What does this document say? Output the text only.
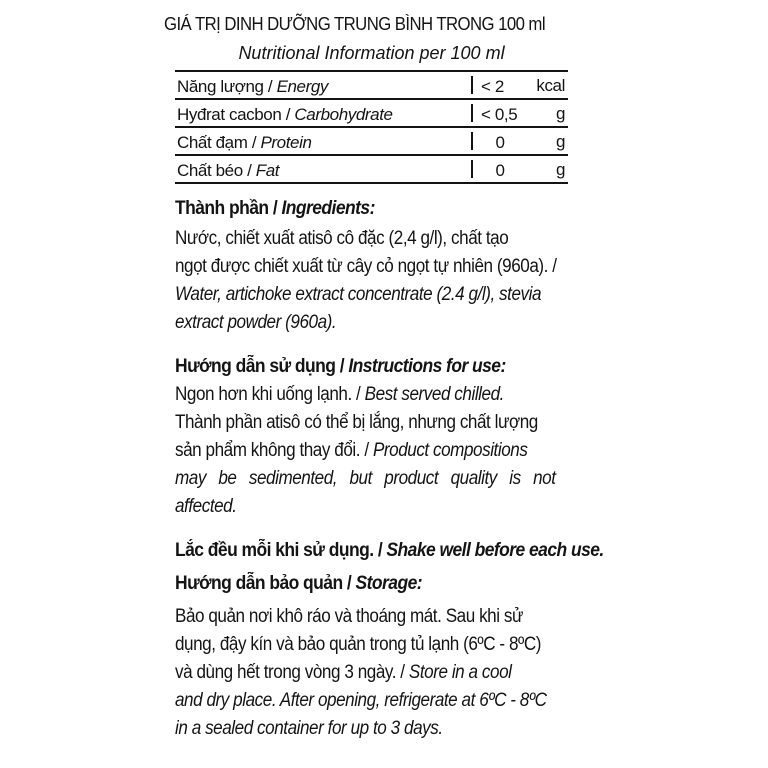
GIÁ TRỊ DINH DƯỠNG TRUNG BÌNH TRONG 100 ml
Nutritional Information per 100 ml
Năng lượng / Energy	< 2	kcal
Hyđrat cacbon / Carbohydrate	< 0,5	g
Chất đạm / Protein	0	g
Chất béo / Fat	0	g
Thành phần / Ingredients:
Nước, chiết xuất atisô cô đặc (2,4 g/l), chất tạo
ngọt được chiết xuất từ cây cỏ ngọt tự nhiên (960a). /
Water, artichoke extract concentrate (2.4 g/l), stevia
extract powder (960a).
Hướng dẫn sử dụng / Instructions for use:
Ngon hơn khi uống lạnh. / Best served chilled.
Thành phần atisô có thể bị lắng, nhưng chất lượng
sản phẩm không thay đổi. / Product compositions
may be sedimented, but product quality is not
affected.
Lắc đều mỗi khi sử dụng. / Shake well before each use.
Hướng dẫn bảo quản / Storage:
Bảo quản nơi khô ráo và thoáng mát. Sau khi sử
dụng, đậy kín và bảo quản trong tủ lạnh (6ºC - 8ºC)
và dùng hết trong vòng 3 ngày. / Store in a cool
and dry place. After opening, refrigerate at 6ºC - 8ºC
in a sealed container for up to 3 days.
